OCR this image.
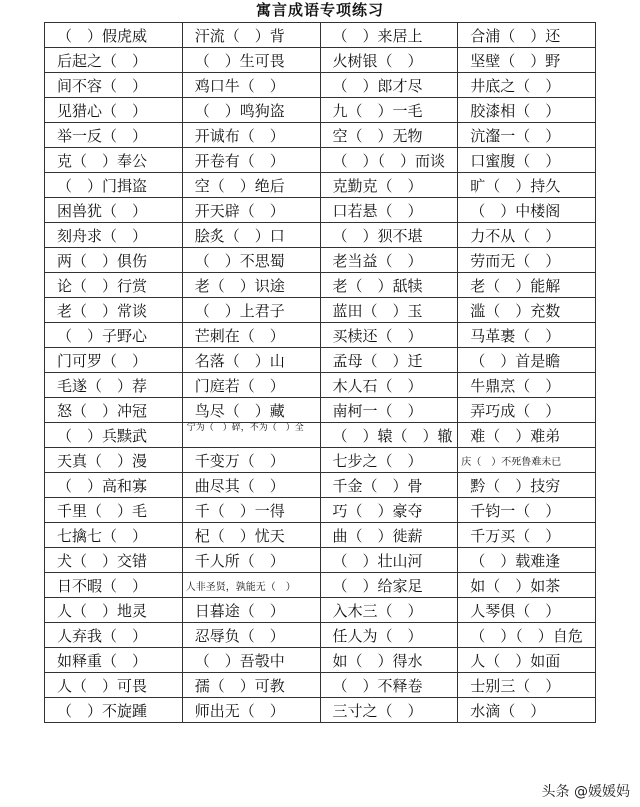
寓言成语专项练习
（　）假虎威	汗流（　）背	（　）来居上	合浦（　）还
后起之（　）	（　）生可畏	火树银（　）	坚壁（　）野
间不容（　）	鸡口牛（　）	（　）郎才尽	井底之（　）
见猎心（　）	（　）鸣狗盗	九（　）一毛	胶漆相（　）
举一反（　）	开诚布（　）	空（　）无物	沆瀣一（　）
克（　）奉公	开卷有（　）	（　）（　）而谈	口蜜腹（　）
（　）门揖盗	空（　）绝后	克勤克（　）	旷（　）持久
困兽犹（　）	开天辟（　）	口若悬（　）	（　）中楼阁
刻舟求（　）	脍炙（　）口	（　）狈不堪	力不从（　）
两（　）俱伤	（　）不思蜀	老当益（　）	劳而无（　）
论（　）行赏	老（　）识途	老（　）舐犊	老（　）能解
老（　）常谈	（　）上君子	蓝田（　）玉	滥（　）充数
（　）子野心	芒刺在（　）	买椟还（　）	马革裹（　）
门可罗（　）	名落（　）山	孟母（　）迁	（　）首是瞻
毛遂（　）荐	门庭若（　）	木人石（　）	牛鼎烹（　）
怒（　）冲冠	鸟尽（　）藏	南柯一（　）	弄巧成（　）
（　）兵黩武	宁为（　）碎，不为（　）全	（　）辕（　）辙	难（　）难弟
天真（　）漫	千变万（　）	七步之（　）	庆（　）不死鲁难未已
（　）高和寡	曲尽其（　）	千金（　）骨	黔（　）技穷
千里（　）毛	千（　）一得	巧（　）豪夺	千钧一（　）
七擒七（　）	杞（　）忧天	曲（　）徙薪	千万买（　）
犬（　）交错	千人所（　）	（　）壮山河	（　）载难逢
日不暇（　）	人非圣贤，孰能无（　）	（　）给家足	如（　）如茶
人（　）地灵	日暮途（　）	入木三（　）	人琴俱（　）
人弃我（　）	忍辱负（　）	任人为（　）	（　）（　）自危
如释重（　）	（　）吾彀中	如（　）得水	人（　）如面
人（　）可畏	孺（　）可教	（　）不释卷	士别三（　）
（　）不旋踵	师出无（　）	三寸之（　）	水滴（　）
头条 @媛媛妈
